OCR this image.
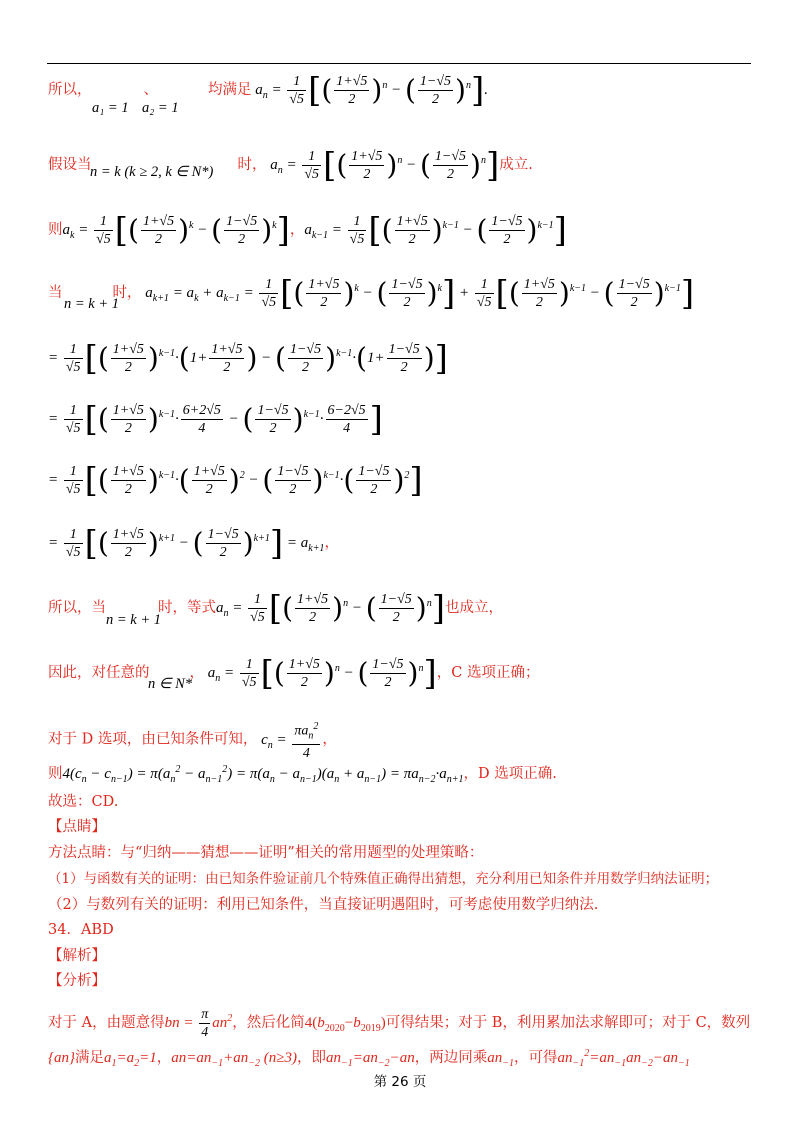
所以，	、	均满足 $a_n = \frac{1}{√5}$ [( $\frac{1+√5}{2} )^n$ − ( $\frac{1-√5}{2} )^n$].
a₁ = 1 a₂ = 1
假设当	时， $a_n = \frac{1}{√5}$ [( $\frac{1+√5}{2} )^n$ − ( $\frac{1-√5}{2} )^n$]成立.
n = k (k ≥ 2, k ∈ N*)
则$a_k = \frac{1}{√5}$ [( $\frac{1+√5}{2} )^k$ − ( $\frac{1-√5}{2} )^k$]，$a_{k-1} = \frac{1}{√5}$ [( $\frac{1+√5}{2} )^{k-1}$ − ( $\frac{1-√5}{2} )^{k-1}$]
当	时， $a_{k+1} = a_k + a_{k-1} = \frac{1}{√5}$ [( $\frac{1+√5}{2} )^k$ − ( $\frac{1-√5}{2} )^k] + \frac{1}{√5}$ [( $\frac{1+√5}{2} )^{k-1}$ − ( $\frac{1-√5}{2} )^{k-1}$]
n = k + 1
= $\frac{1}{√5}$ [( $\frac{1+√5}{2} )^{k-1}\cdot(1+ \frac{1+√5}{2}$ ) − ( $\frac{1-√5}{2} )^{k-1}\cdot(1+ \frac{1-√5}{2}$ )]
= $\frac{1}{√5}$ [( $\frac{1+√5}{2} )^{k-1}\cdot \frac{6+2√5}{4}$ − ( $\frac{1-√5}{2} )^{k-1}\cdot \frac{6-2√5}{4}$ ]
= $\frac{1}{√5}$ [( $\frac{1+√5}{2} )^{k-1}\cdot( \frac{1+√5}{2} )^2$ − ( $\frac{1-√5}{2} )^{k-1}\cdot( \frac{1-√5}{2} )^2$]
= $\frac{1}{√5}$ [( $\frac{1+√5}{2} )^{k+1}$ − ( $\frac{1-√5}{2} )^{k+1}] = a_{k+1}$，
所以，当	时，等式$a_n = \frac{1}{√5}$ [( $\frac{1+√5}{2} )^n$ − ( $\frac{1-√5}{2} )^n$]也成立，
n = k + 1
因此，对任意的	， $a_n = \frac{1}{√5}$ [( $\frac{1+√5}{2} )^n$ − ( $\frac{1-√5}{2} )^n$]，C 选项正确；
n ∈ N*
对于 D 选项，由已知条件可知， $c_n = \frac{\pi a_n^2}{4}$ ，
则$4(c_n - c_{n-1}) = \pi(a_n^2 - a_{n-1}^2) = \pi(a_n - a_{n-1})(a_n + a_{n-1}) = \pi a_{n-2}\cdot a_{n+1}$，D 选项正确.
故选：CD.
【点睛】
方法点睛：与“归纳——猜想——证明”相关的常用题型的处理策略：
（1）与函数有关的证明：由已知条件验证前几个特殊值正确得出猜想，充分利用已知条件并用数学归纳法证明；
（2）与数列有关的证明：利用已知条件，当直接证明遇阻时，可考虑使用数学归纳法.
34．ABD
【解析】
【分析】
对于 A，由题意得bn = $\frac{\pi}{4} an^2$，然后化简$4(b_{2020}-b_{2019})$可得结果；对于 B，利用累加法求解即可；对于 C，数列
{an}满足$a_1=a_2=1$，$an=an_{-1}+an_{-2}$ (n≥3)，即$an_{-1}=an_{-2}-an$，两边同乘$an_{-1}$，可得$an_{-1}^2=an_{-1}an_{-2}-an_{-1}$
第 26 页
